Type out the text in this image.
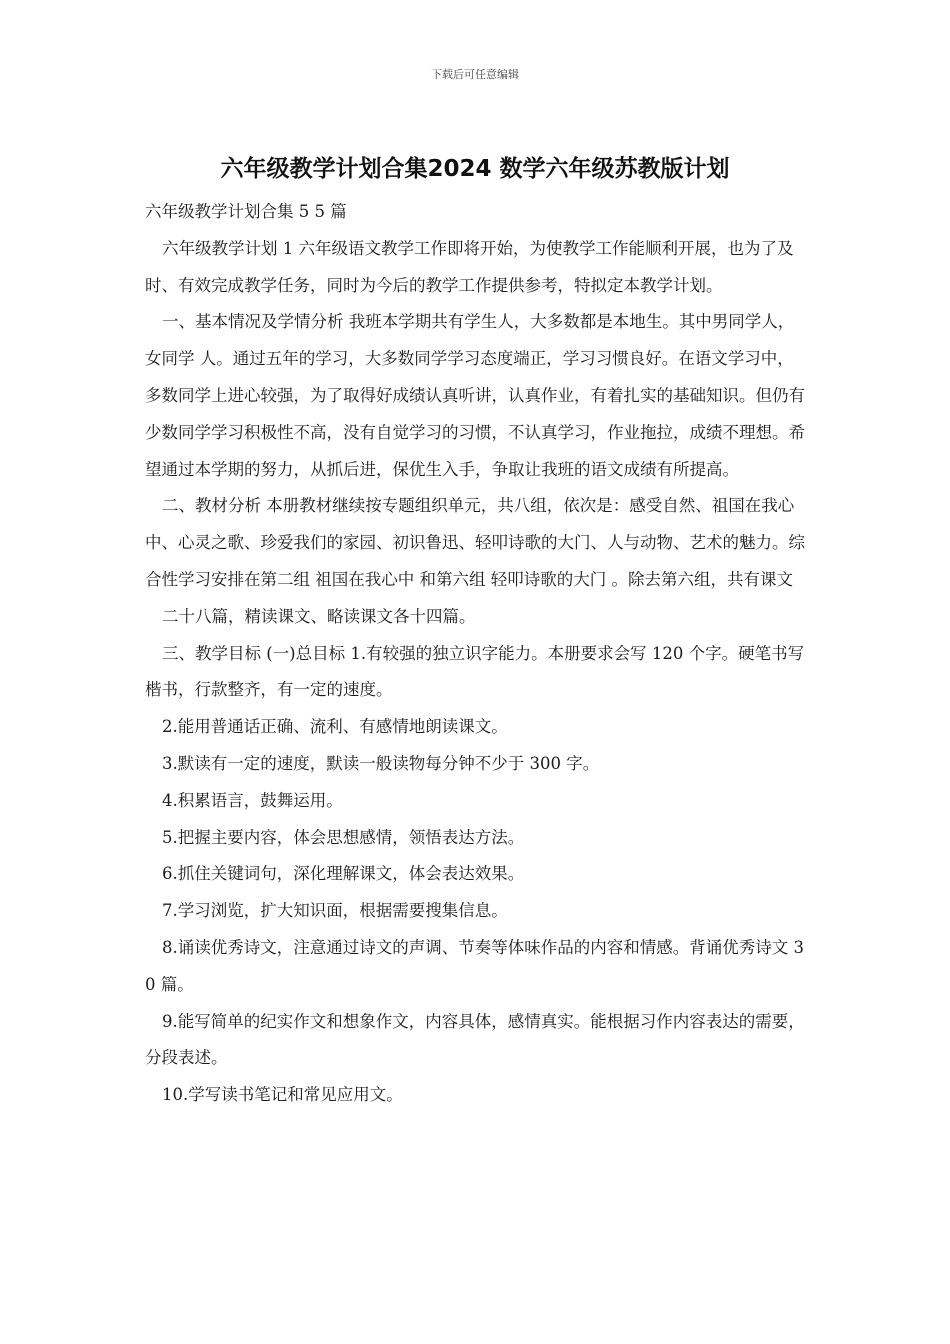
下载后可任意编辑
六年级教学计划合集2024 数学六年级苏教版计划

六年级教学计划合集 5 5 篇

六年级教学计划 1 六年级语文教学工作即将开始，为使教学工作能顺利开展，也为了及时、有效完成教学任务，同时为今后的教学工作提供参考，特拟定本教学计划。

一、基本情况及学情分析 我班本学期共有学生人，大多数都是本地生。其中男同学人，女同学 人。通过五年的学习，大多数同学学习态度端正，学习习惯良好。在语文学习中，多数同学上进心较强，为了取得好成绩认真听讲，认真作业，有着扎实的基础知识。但仍有少数同学学习积极性不高，没有自觉学习的习惯，不认真学习，作业拖拉，成绩不理想。希望通过本学期的努力，从抓后进，保优生入手，争取让我班的语文成绩有所提高。

二、教材分析 本册教材继续按专题组织单元，共八组，依次是：感受自然、祖国在我心中、心灵之歌、珍爱我们的家园、初识鲁迅、轻叩诗歌的大门、人与动物、艺术的魅力。综合性学习安排在第二组 祖国在我心中 和第六组 轻叩诗歌的大门 。除去第六组，共有课文

二十八篇，精读课文、略读课文各十四篇。

三、教学目标 (一)总目标 1.有较强的独立识字能力。本册要求会写 120 个字。硬笔书写楷书，行款整齐，有一定的速度。

2.能用普通话正确、流利、有感情地朗读课文。

3.默读有一定的速度，默读一般读物每分钟不少于 300 字。

4.积累语言，鼓舞运用。

5.把握主要内容，体会思想感情，领悟表达方法。

6.抓住关键词句，深化理解课文，体会表达效果。

7.学习浏览，扩大知识面，根据需要搜集信息。

8.诵读优秀诗文，注意通过诗文的声调、节奏等体味作品的内容和情感。背诵优秀诗文 30 篇。

9.能写简单的纪实作文和想象作文，内容具体，感情真实。能根据习作内容表达的需要，分段表述。

10.学写读书笔记和常见应用文。
